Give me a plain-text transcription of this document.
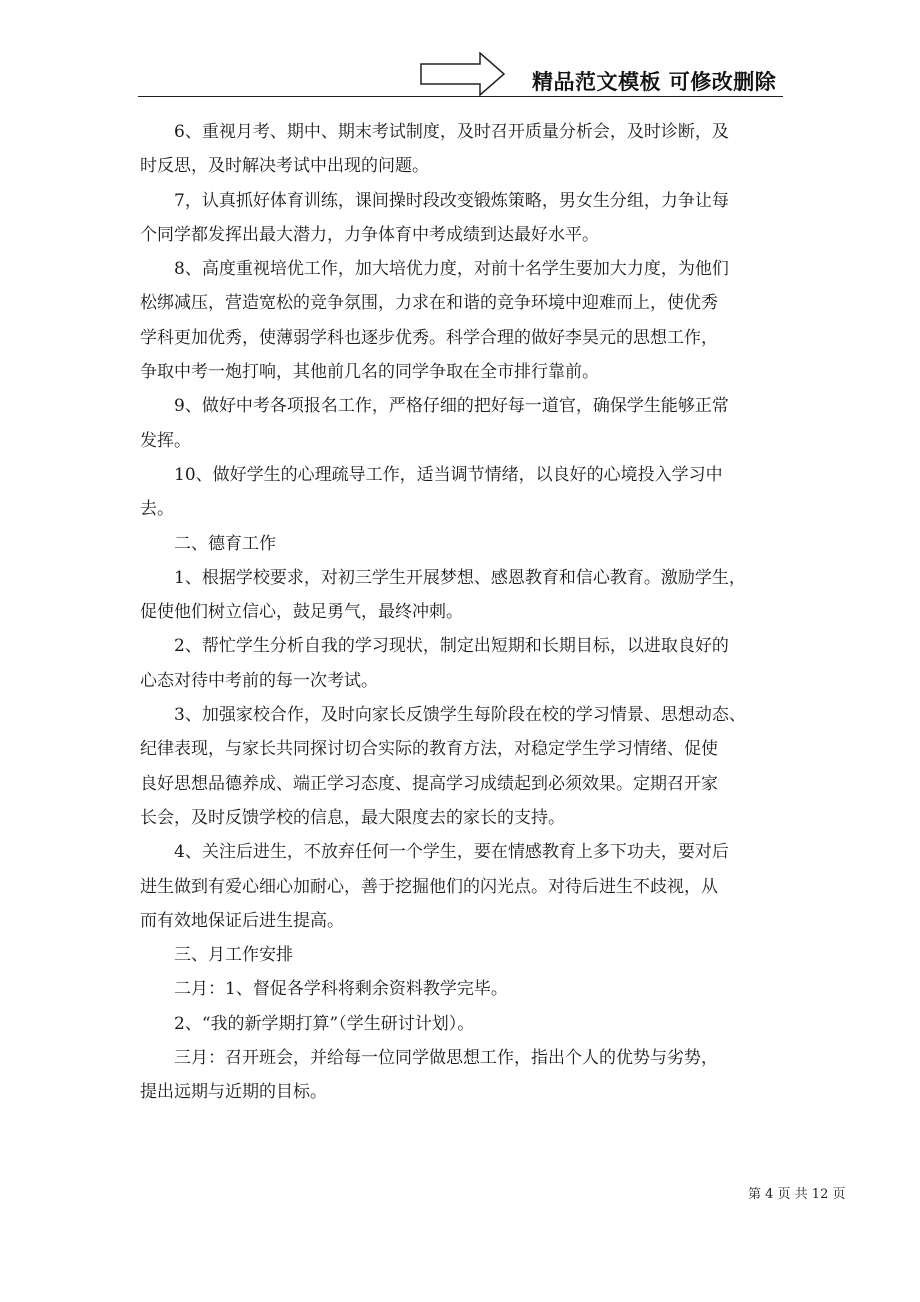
精品范文模板 可修改删除
6、重视月考、期中、期末考试制度，及时召开质量分析会，及时诊断，及
时反思，及时解决考试中出现的问题。
7，认真抓好体育训练，课间操时段改变锻炼策略，男女生分组，力争让每
个同学都发挥出最大潜力，力争体育中考成绩到达最好水平。
8、高度重视培优工作，加大培优力度，对前十名学生要加大力度，为他们
松绑减压，营造宽松的竞争氛围，力求在和谐的竞争环境中迎难而上，使优秀
学科更加优秀，使薄弱学科也逐步优秀。科学合理的做好李昊元的思想工作，
争取中考一炮打响，其他前几名的同学争取在全市排行靠前。
9、做好中考各项报名工作，严格仔细的把好每一道官，确保学生能够正常
发挥。
10、做好学生的心理疏导工作，适当调节情绪，以良好的心境投入学习中
去。
二、德育工作
1、根据学校要求，对初三学生开展梦想、感恩教育和信心教育。激励学生，
促使他们树立信心，鼓足勇气，最终冲刺。
2、帮忙学生分析自我的学习现状，制定出短期和长期目标，以进取良好的
心态对待中考前的每一次考试。
3、加强家校合作，及时向家长反馈学生每阶段在校的学习情景、思想动态、
纪律表现，与家长共同探讨切合实际的教育方法，对稳定学生学习情绪、促使
良好思想品德养成、端正学习态度、提高学习成绩起到必须效果。定期召开家
长会，及时反馈学校的信息，最大限度去的家长的支持。
4、关注后进生，不放弃任何一个学生，要在情感教育上多下功夫，要对后
进生做到有爱心细心加耐心，善于挖掘他们的闪光点。对待后进生不歧视，从
而有效地保证后进生提高。
三、月工作安排
二月：1、督促各学科将剩余资料教学完毕。
2、“我的新学期打算”（学生研讨计划）。
三月：召开班会，并给每一位同学做思想工作，指出个人的优势与劣势，
提出远期与近期的目标。
第 4 页 共 12 页
